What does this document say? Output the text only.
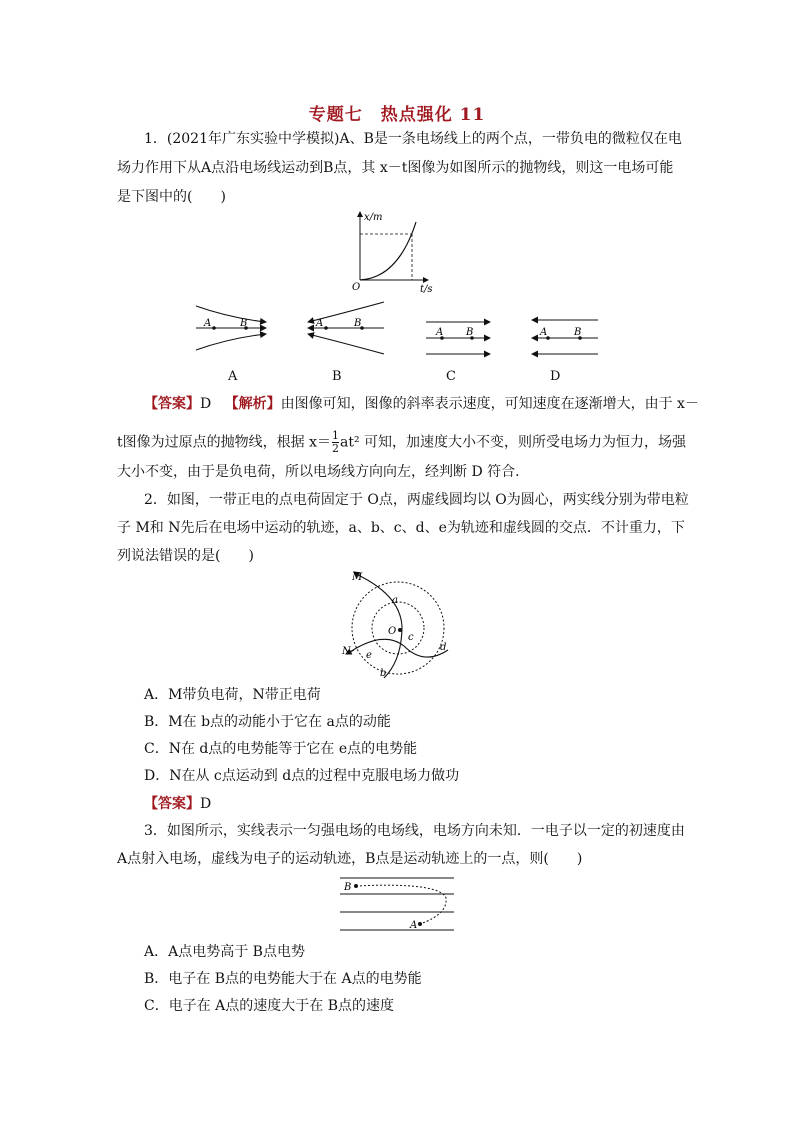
专题七　热点强化 11
1．(2021年广东实验中学模拟)A、B是一条电场线上的两个点，一带负电的微粒仅在电
场力作用下从A点沿电场线运动到B点，其 x－t图像为如图所示的抛物线，则这一电场可能
是下图中的(　　)
x/m
t/s
O
A	B	A	B
A B	A	B
A	B	C	D
【答案】D 【解析】由图像可知，图像的斜率表示速度，可知速度在逐渐增大，由于 x－
t图像为过原点的抛物线，根据 $x= \frac{1}{2} at^2$ 可知，加速度大小不变，则所受电场力为恒力，场强
大小不变，由于是负电荷，所以电场线方向向左，经判断 D 符合．
2．如图，一带正电的点电荷固定于 O点，两虚线圆均以 O为圆心，两实线分别为带电粒
子 M和 N先后在电场中运动的轨迹，a、b、c、d、e为轨迹和虚线圆的交点．不计重力，下
列说法错误的是(　　)
O
M
N
a
b
c
d
e
A．M带负电荷，N带正电荷
B．M在 b点的动能小于它在 a点的动能
C．N在 d点的电势能等于它在 e点的电势能
D．N在从 c点运动到 d点的过程中克服电场力做功
【答案】D
3．如图所示，实线表示一匀强电场的电场线，电场方向未知．一电子以一定的初速度由
A点射入电场，虚线为电子的运动轨迹，B点是运动轨迹上的一点，则(　　)
B
A
A．A点电势高于 B点电势
B．电子在 B点的电势能大于在 A点的电势能
C．电子在 A点的速度大于在 B点的速度
